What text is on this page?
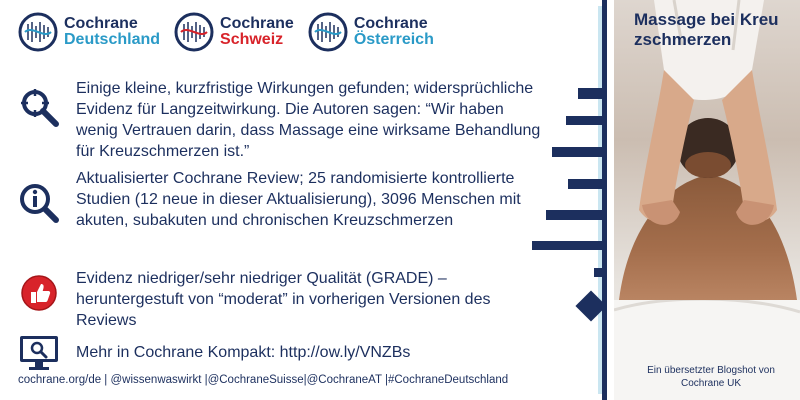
Cochrane
Deutschland
Cochrane
Schweiz
Cochrane
Österreich
Einige kleine, kurzfristige Wirkungen gefunden; widersprüchliche Evidenz für Langzeitwirkung. Die Autoren sagen: “Wir haben wenig Vertrauen darin, dass Massage eine wirksame Behandlung für Kreuzschmerzen ist.”
Aktualisierter Cochrane Review; 25 randomisierte kontrollierte Studien (12 neue in dieser Aktualisierung), 3096 Menschen mit akuten, subakuten und chronischen Kreuzschmerzen
Evidenz niedriger/sehr niedriger Qualität (GRADE) – heruntergestuft von “moderat” in vorherigen Versionen des Reviews
Mehr in Cochrane Kompakt: http://ow.ly/VNZBs
cochrane.org/de | @wissenwaswirkt |@CochraneSuisse|@CochraneAT |#CochraneDeutschland
Massage bei Kreuzschmerzen
Ein übersetzter Blogshot von Cochrane UK
